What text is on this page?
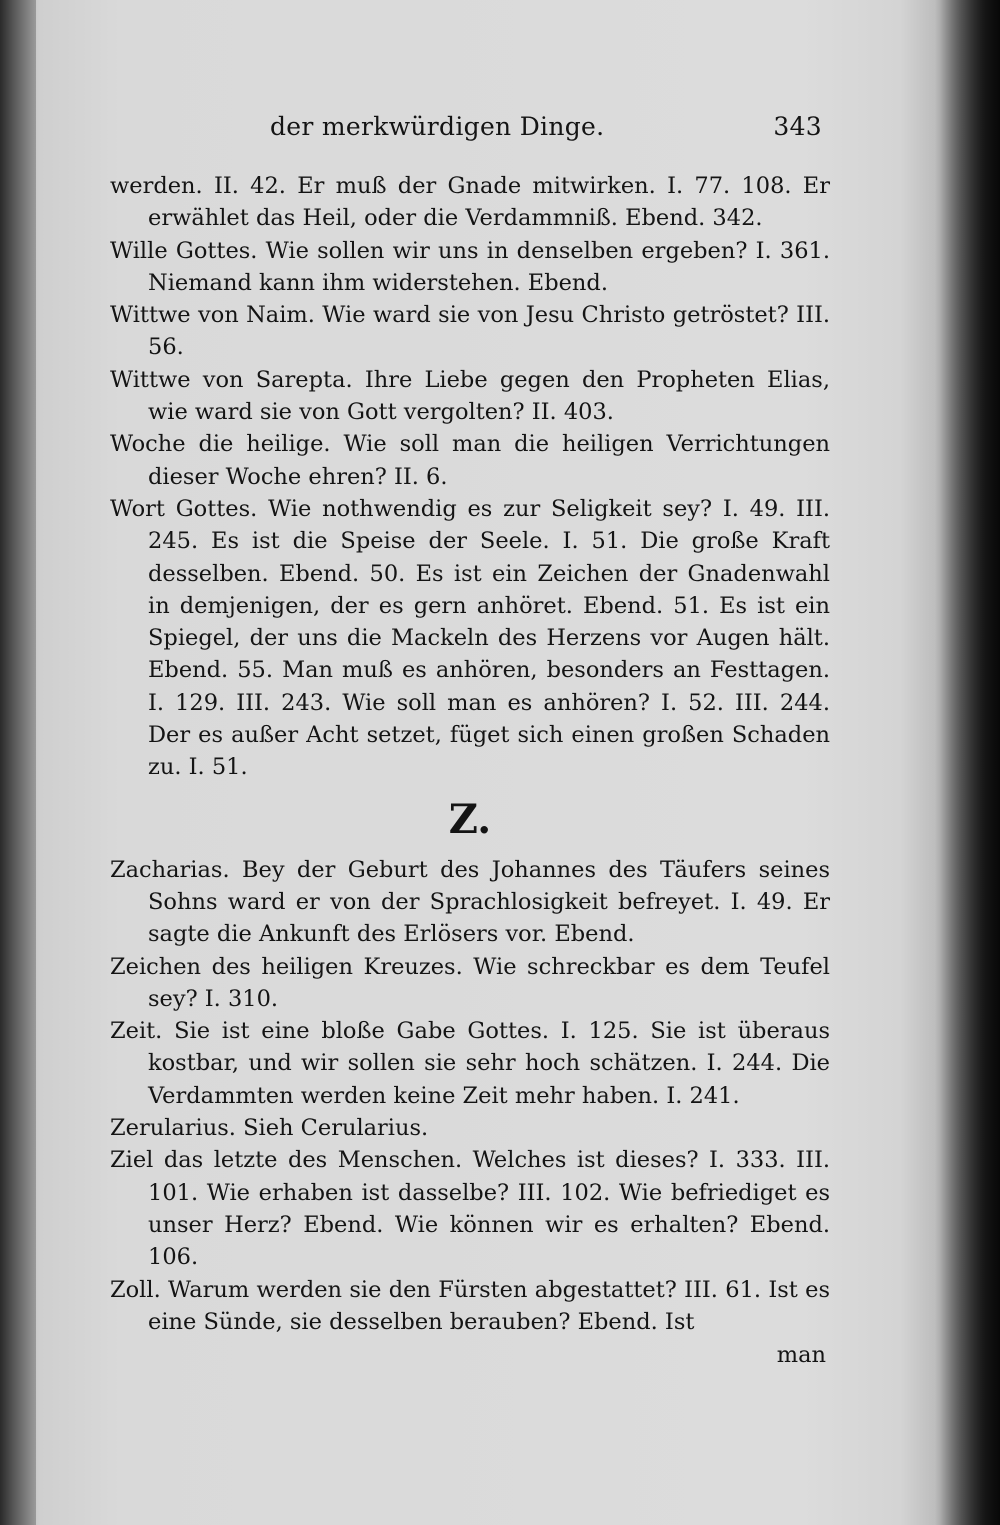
der merkwürdigen Dinge.	343

werden. II. 42. Er muß der Gnade mitwirken. I. 77. 108. Er erwählet das Heil, oder die Verdammniß. Ebend. 342.

Wille Gottes. Wie sollen wir uns in denselben ergeben? I. 361. Niemand kann ihm widerstehen. Ebend.

Wittwe von Naim. Wie ward sie von Jesu Christo getröstet? III. 56.

Wittwe von Sarepta. Ihre Liebe gegen den Propheten Elias, wie ward sie von Gott vergolten? II. 403.

Woche die heilige. Wie soll man die heiligen Verrichtungen dieser Woche ehren? II. 6.

Wort Gottes. Wie nothwendig es zur Seligkeit sey? I. 49. III. 245. Es ist die Speise der Seele. I. 51. Die große Kraft desselben. Ebend. 50. Es ist ein Zeichen der Gnadenwahl in demjenigen, der es gern anhöret. Ebend. 51. Es ist ein Spiegel, der uns die Mackeln des Herzens vor Augen hält. Ebend. 55. Man muß es anhören, besonders an Festtagen. I. 129. III. 243. Wie soll man es anhören? I. 52. III. 244. Der es außer Acht setzet, füget sich einen großen Schaden zu. I. 51.

Z.

Zacharias. Bey der Geburt des Johannes des Täufers seines Sohns ward er von der Sprachlosigkeit befreyet. I. 49. Er sagte die Ankunft des Erlösers vor. Ebend.

Zeichen des heiligen Kreuzes. Wie schreckbar es dem Teufel sey? I. 310.

Zeit. Sie ist eine bloße Gabe Gottes. I. 125. Sie ist überaus kostbar, und wir sollen sie sehr hoch schätzen. I. 244. Die Verdammten werden keine Zeit mehr haben. I. 241.

Zerularius. Sieh Cerularius.

Ziel das letzte des Menschen. Welches ist dieses? I. 333. III. 101. Wie erhaben ist dasselbe? III. 102. Wie befriediget es unser Herz? Ebend. Wie können wir es erhalten? Ebend. 106.

Zoll. Warum werden sie den Fürsten abgestattet? III. 61. Ist es eine Sünde, sie desselben berauben? Ebend. Ist

man
